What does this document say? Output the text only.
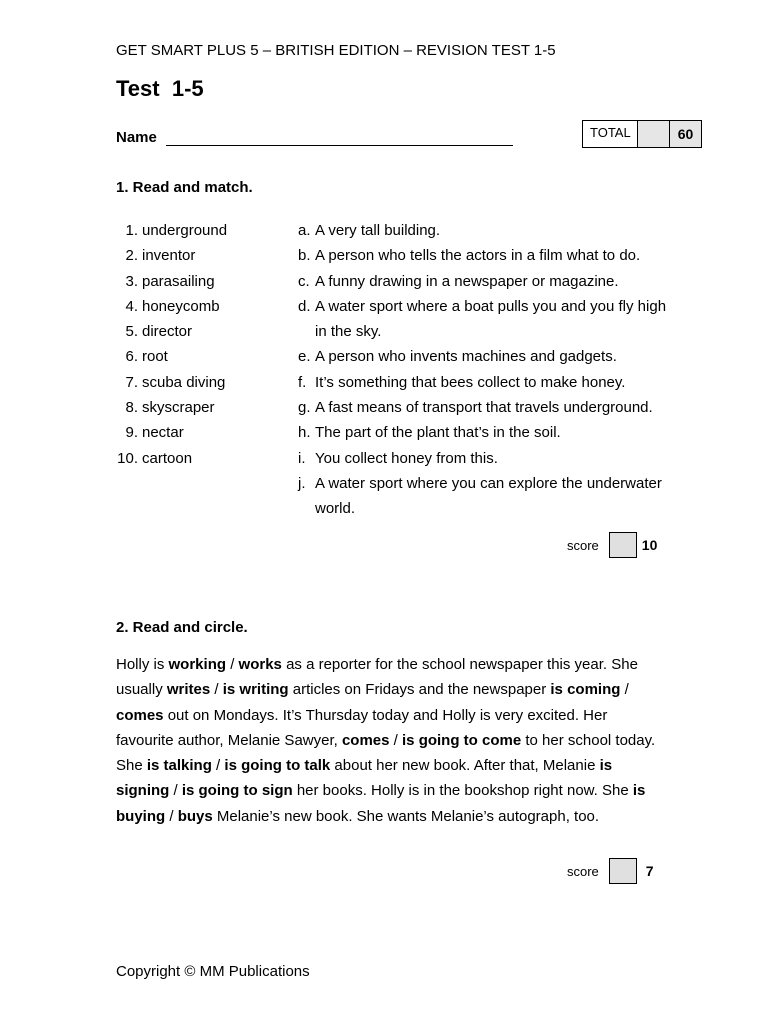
GET SMART PLUS 5 – BRITISH EDITION – REVISION TEST 1-5
Test  1-5
Name	TOTAL	60
1. Read and match.
1. underground
2. inventor
3. parasailing
4. honeycomb
5. director
6. root
7. scuba diving
8. skyscraper
9. nectar
10. cartoon
a. A very tall building.
b. A person who tells the actors in a film what to do.
c. A funny drawing in a newspaper or magazine.
d. A water sport where a boat pulls you and you fly high in the sky.
e. A person who invents machines and gadgets.
f. It’s something that bees collect to make honey.
g. A fast means of transport that travels underground.
h. The part of the plant that’s in the soil.
i. You collect honey from this.
j. A water sport where you can explore the underwater world.
score	10
2. Read and circle.
Holly is working / works as a reporter for the school newspaper this year. She usually writes / is writing articles on Fridays and the newspaper is coming / comes out on Mondays. It’s Thursday today and Holly is very excited. Her favourite author, Melanie Sawyer, comes / is going to come to her school today. She is talking / is going to talk about her new book. After that, Melanie is signing / is going to sign her books. Holly is in the bookshop right now. She is buying / buys Melanie’s new book. She wants Melanie’s autograph, too.
score	7
Copyright © MM Publications
